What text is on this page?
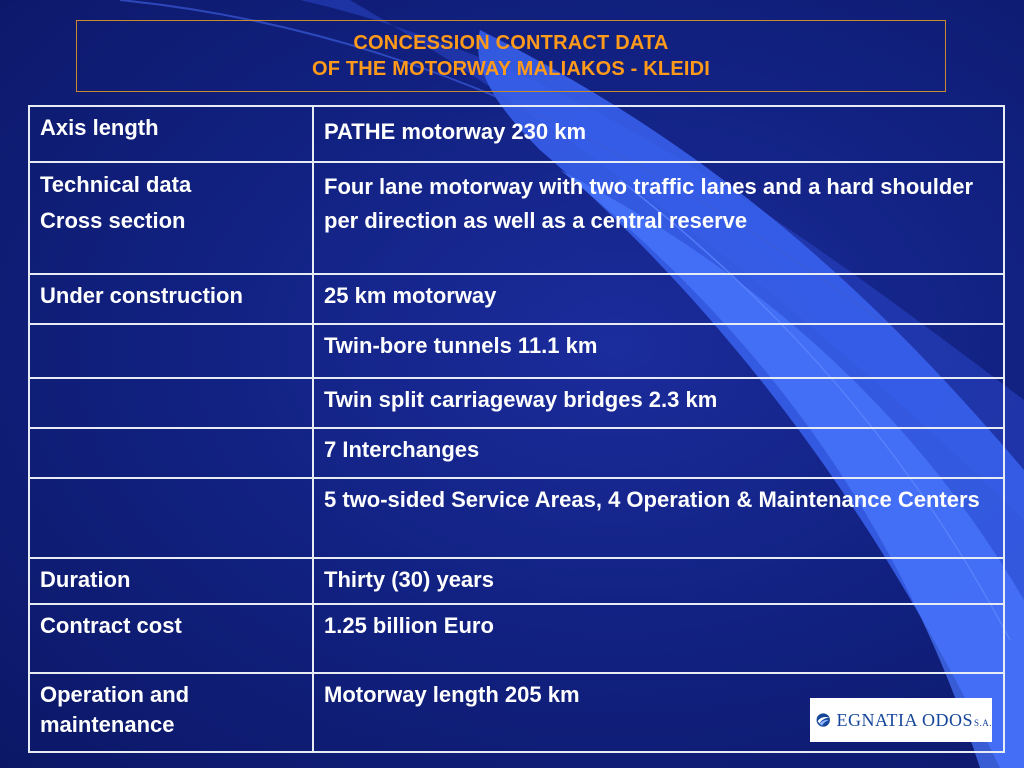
CONCESSION CONTRACT DATA
OF THE MOTORWAY MALIAKOS - KLEIDI
Axis length	PATHE motorway 230 km

Technical data
Cross section	Four lane motorway with two traffic lanes and a hard shoulder per direction as well as a central reserve
Under construction	25 km motorway
	Twin-bore tunnels 11.1 km
	Twin split carriageway bridges 2.3 km
	7 Interchanges
	5 two-sided Service Areas, 4 Operation & Maintenance Centers
Duration	Thirty (30) years
Contract cost	1.25 billion Euro
Operation and maintenance	Motorway length 205 km
EGNATIA ODOSS.A.
